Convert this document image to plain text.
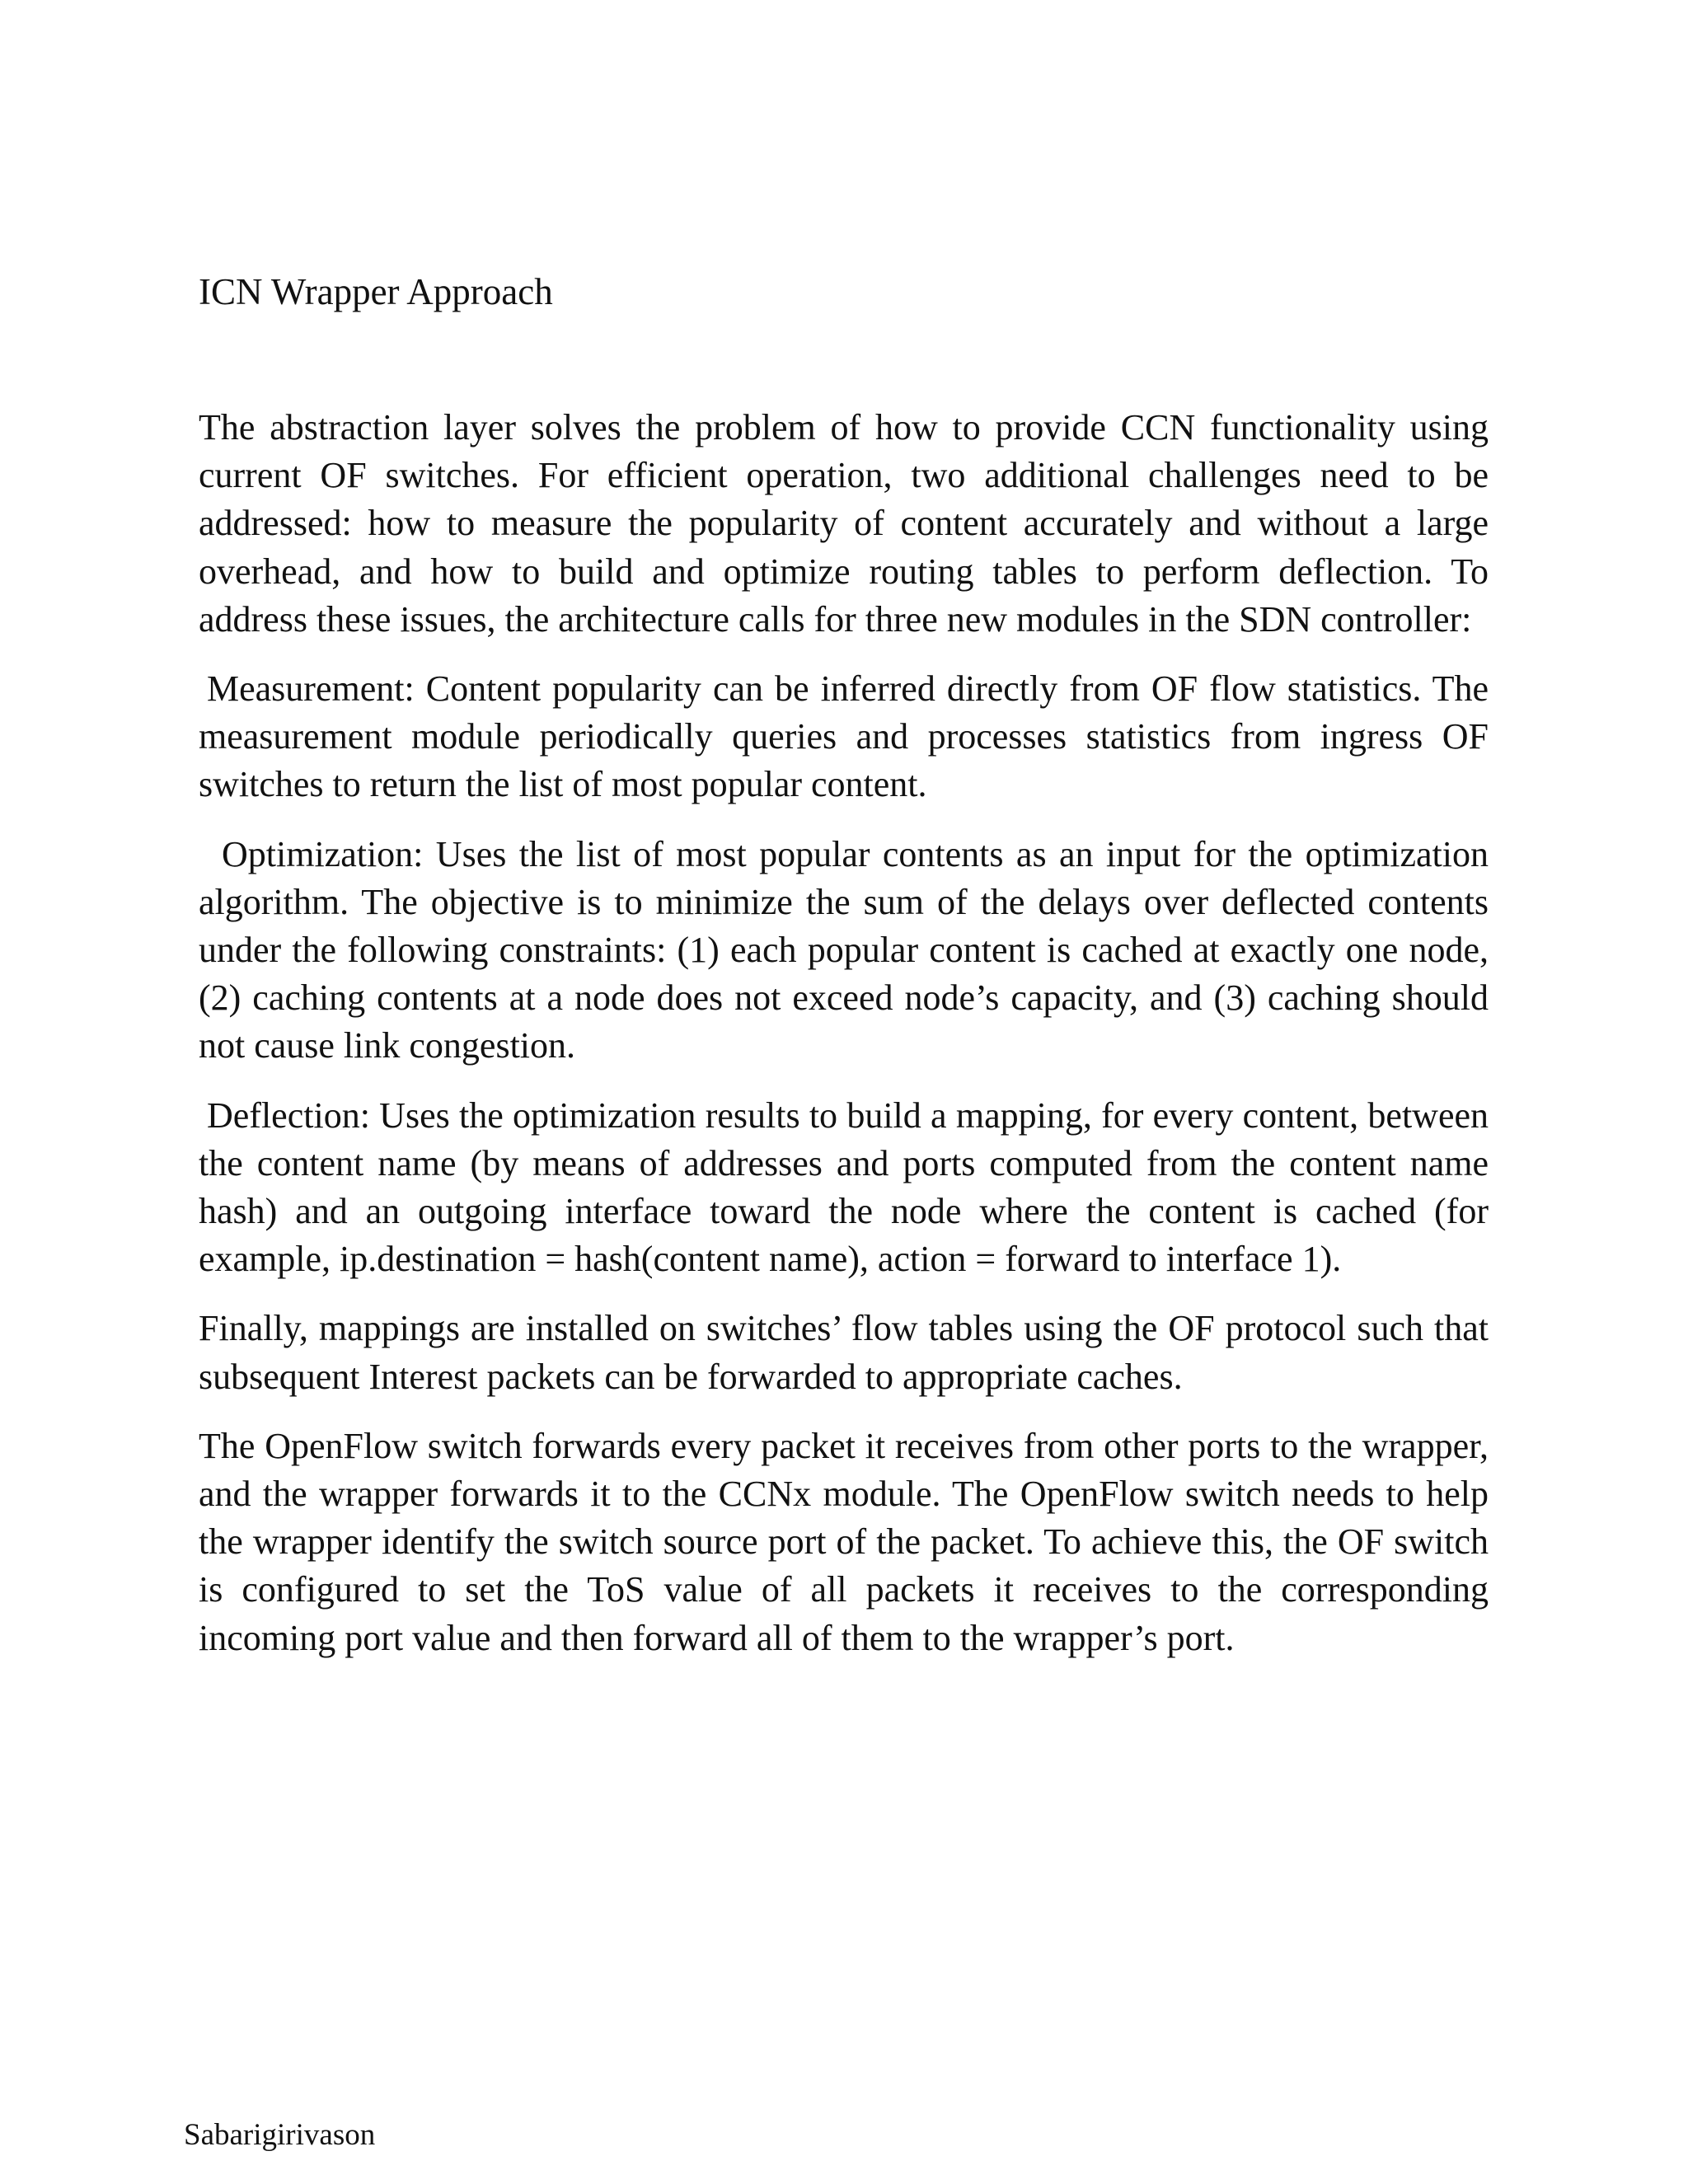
ICN Wrapper Approach

The abstraction layer solves the problem of how to provide CCN functionality using current OF switches. For efficient operation, two additional challenges need to be addressed: how to measure the popularity of content accurately and without a large overhead, and how to build and optimize routing tables to perform deflection. To address these issues, the architecture calls for three new modules in the SDN controller:

Measurement: Content popularity can be inferred directly from OF flow statistics. The measurement module periodically queries and processes statistics from ingress OF switches to return the list of most popular content.

Optimization: Uses the list of most popular contents as an input for the optimization algorithm. The objective is to minimize the sum of the delays over deflected contents under the following constraints: (1) each popular content is cached at exactly one node, (2) caching contents at a node does not exceed node’s capacity, and (3) caching should not cause link congestion.

Deflection: Uses the optimization results to build a mapping, for every content, between the content name (by means of addresses and ports computed from the content name hash) and an outgoing interface toward the node where the content is cached (for example, ip.destination = hash(content name), action = forward to interface 1).

Finally, mappings are installed on switches’ flow tables using the OF protocol such that subsequent Interest packets can be forwarded to appropriate caches.

The OpenFlow switch forwards every packet it receives from other ports to the wrapper, and the wrapper forwards it to the CCNx module. The OpenFlow switch needs to help the wrapper identify the switch source port of the packet. To achieve this, the OF switch is configured to set the ToS value of all packets it receives to the corresponding incoming port value and then forward all of them to the wrapper’s port.

Sabarigirivason
